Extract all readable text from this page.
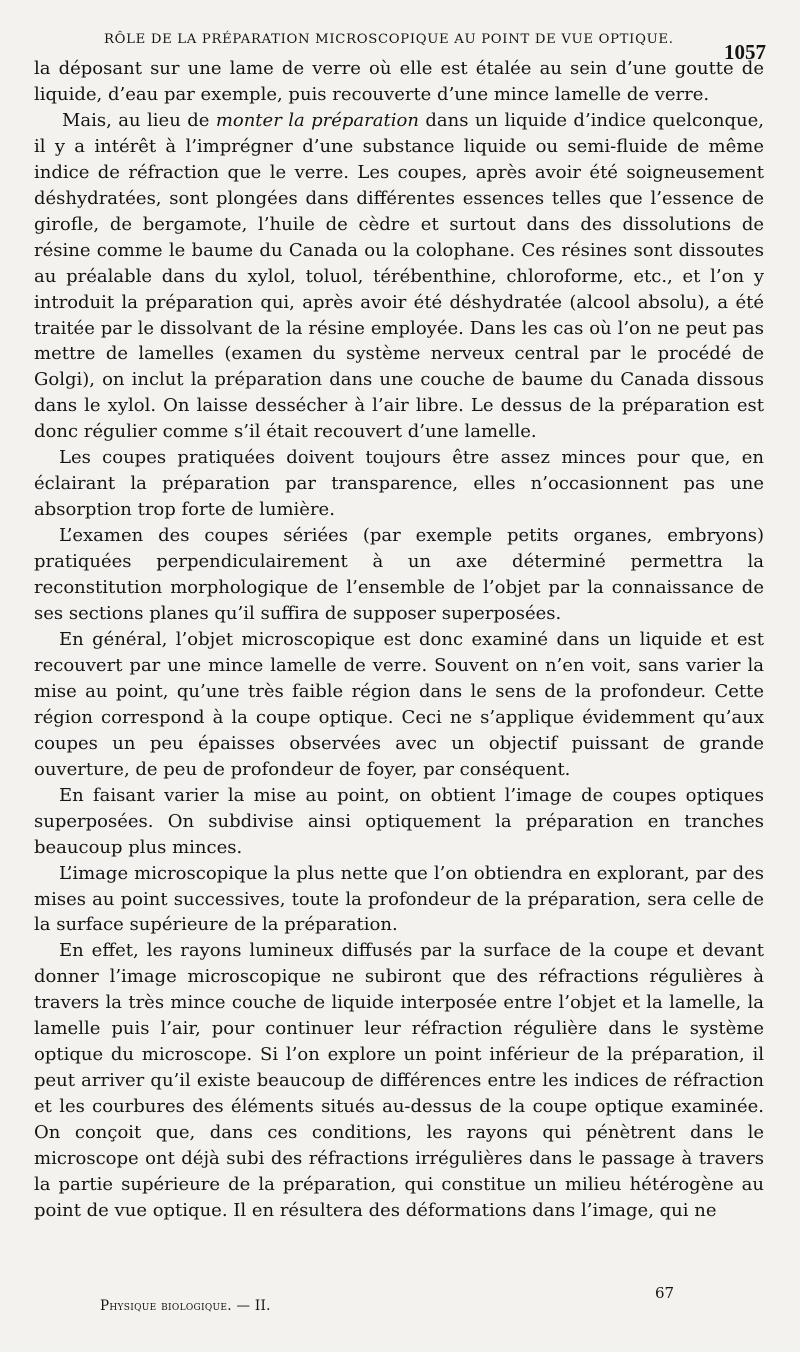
RÔLE DE LA PRÉPARATION MICROSCOPIQUE AU POINT DE VUE OPTIQUE.
1057

la déposant sur une lame de verre où elle est étalée au sein d’une goutte de liquide, d’eau par exemple, puis recouverte d’une mince lamelle de verre.

Mais, au lieu de monter la préparation dans un liquide d’indice quelconque, il y a intérêt à l’imprégner d’une substance liquide ou semi-fluide de même indice de réfraction que le verre. Les coupes, après avoir été soigneusement déshydratées, sont plongées dans différentes essences telles que l’essence de girofle, de bergamote, l’huile de cèdre et surtout dans des dissolutions de résine comme le baume du Canada ou la colophane. Ces résines sont dissoutes au préalable dans du xylol, toluol, térébenthine, chloroforme, etc., et l’on y introduit la préparation qui, après avoir été déshydratée (alcool absolu), a été traitée par le dissolvant de la résine employée. Dans les cas où l’on ne peut pas mettre de lamelles (examen du système nerveux central par le procédé de Golgi), on inclut la préparation dans une couche de baume du Canada dissous dans le xylol. On laisse dessécher à l’air libre. Le dessus de la préparation est donc régulier comme s’il était recouvert d’une lamelle.

Les coupes pratiquées doivent toujours être assez minces pour que, en éclairant la préparation par transparence, elles n’occasionnent pas une absorption trop forte de lumière.

L’examen des coupes sériées (par exemple petits organes, embryons) pratiquées perpendiculairement à un axe déterminé permettra la reconstitution morphologique de l’ensemble de l’objet par la connaissance de ses sections planes qu’il suffira de supposer superposées.

En général, l’objet microscopique est donc examiné dans un liquide et est recouvert par une mince lamelle de verre. Souvent on n’en voit, sans varier la mise au point, qu’une très faible région dans le sens de la profondeur. Cette région correspond à la coupe optique. Ceci ne s’applique évidemment qu’aux coupes un peu épaisses observées avec un objectif puissant de grande ouverture, de peu de profondeur de foyer, par conséquent.

En faisant varier la mise au point, on obtient l’image de coupes optiques superposées. On subdivise ainsi optiquement la préparation en tranches beaucoup plus minces.

L’image microscopique la plus nette que l’on obtiendra en explorant, par des mises au point successives, toute la profondeur de la préparation, sera celle de la surface supérieure de la préparation.

En effet, les rayons lumineux diffusés par la surface de la coupe et devant donner l’image microscopique ne subiront que des réfractions régulières à travers la très mince couche de liquide interposée entre l’objet et la lamelle, la lamelle puis l’air, pour continuer leur réfraction régulière dans le système optique du microscope. Si l’on explore un point inférieur de la préparation, il peut arriver qu’il existe beaucoup de différences entre les indices de réfraction et les courbures des éléments situés au-dessus de la coupe optique examinée. On conçoit que, dans ces conditions, les rayons qui pénètrent dans le microscope ont déjà subi des réfractions irrégulières dans le passage à travers la partie supérieure de la préparation, qui constitue un milieu hétérogène au point de vue optique. Il en résultera des déformations dans l’image, qui ne

Physique biologique. — II.
67
